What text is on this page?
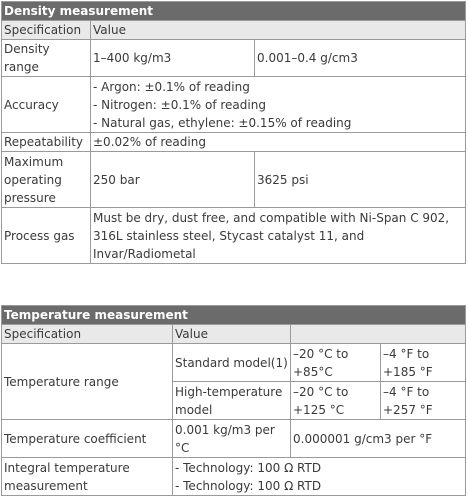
Density measurement		
Specification	Value	
Density range	1–400 kg/m3	0.001–0.4 g/cm3
Accuracy	- Argon: ±0.1% of reading
- Nitrogen: ±0.1% of reading
- Natural gas, ethylene: ±0.15% of reading	

Repeatability	±0.02% of reading	
Maximum operating pressure	250 bar	3625 psi
Process gas	Must be dry, dust free, and compatible with Ni-Span C 902, 316L stainless steel, Stycast catalyst 11, and Invar/Radiometal	
Temperature measurement			
Specification	Value		
Temperature range	Standard model(1)	–20 °C to +85°C	–4 °F to +185 °F
	High-temperature model	–20 °C to +125 °C	–4 °F to +257 °F
Temperature coefficient	0.001 kg/m3 per °C	0.000001 g/cm3 per °F	
Integral temperature measurement	- Technology: 100 Ω RTD
- Technology: 100 Ω RTD		
